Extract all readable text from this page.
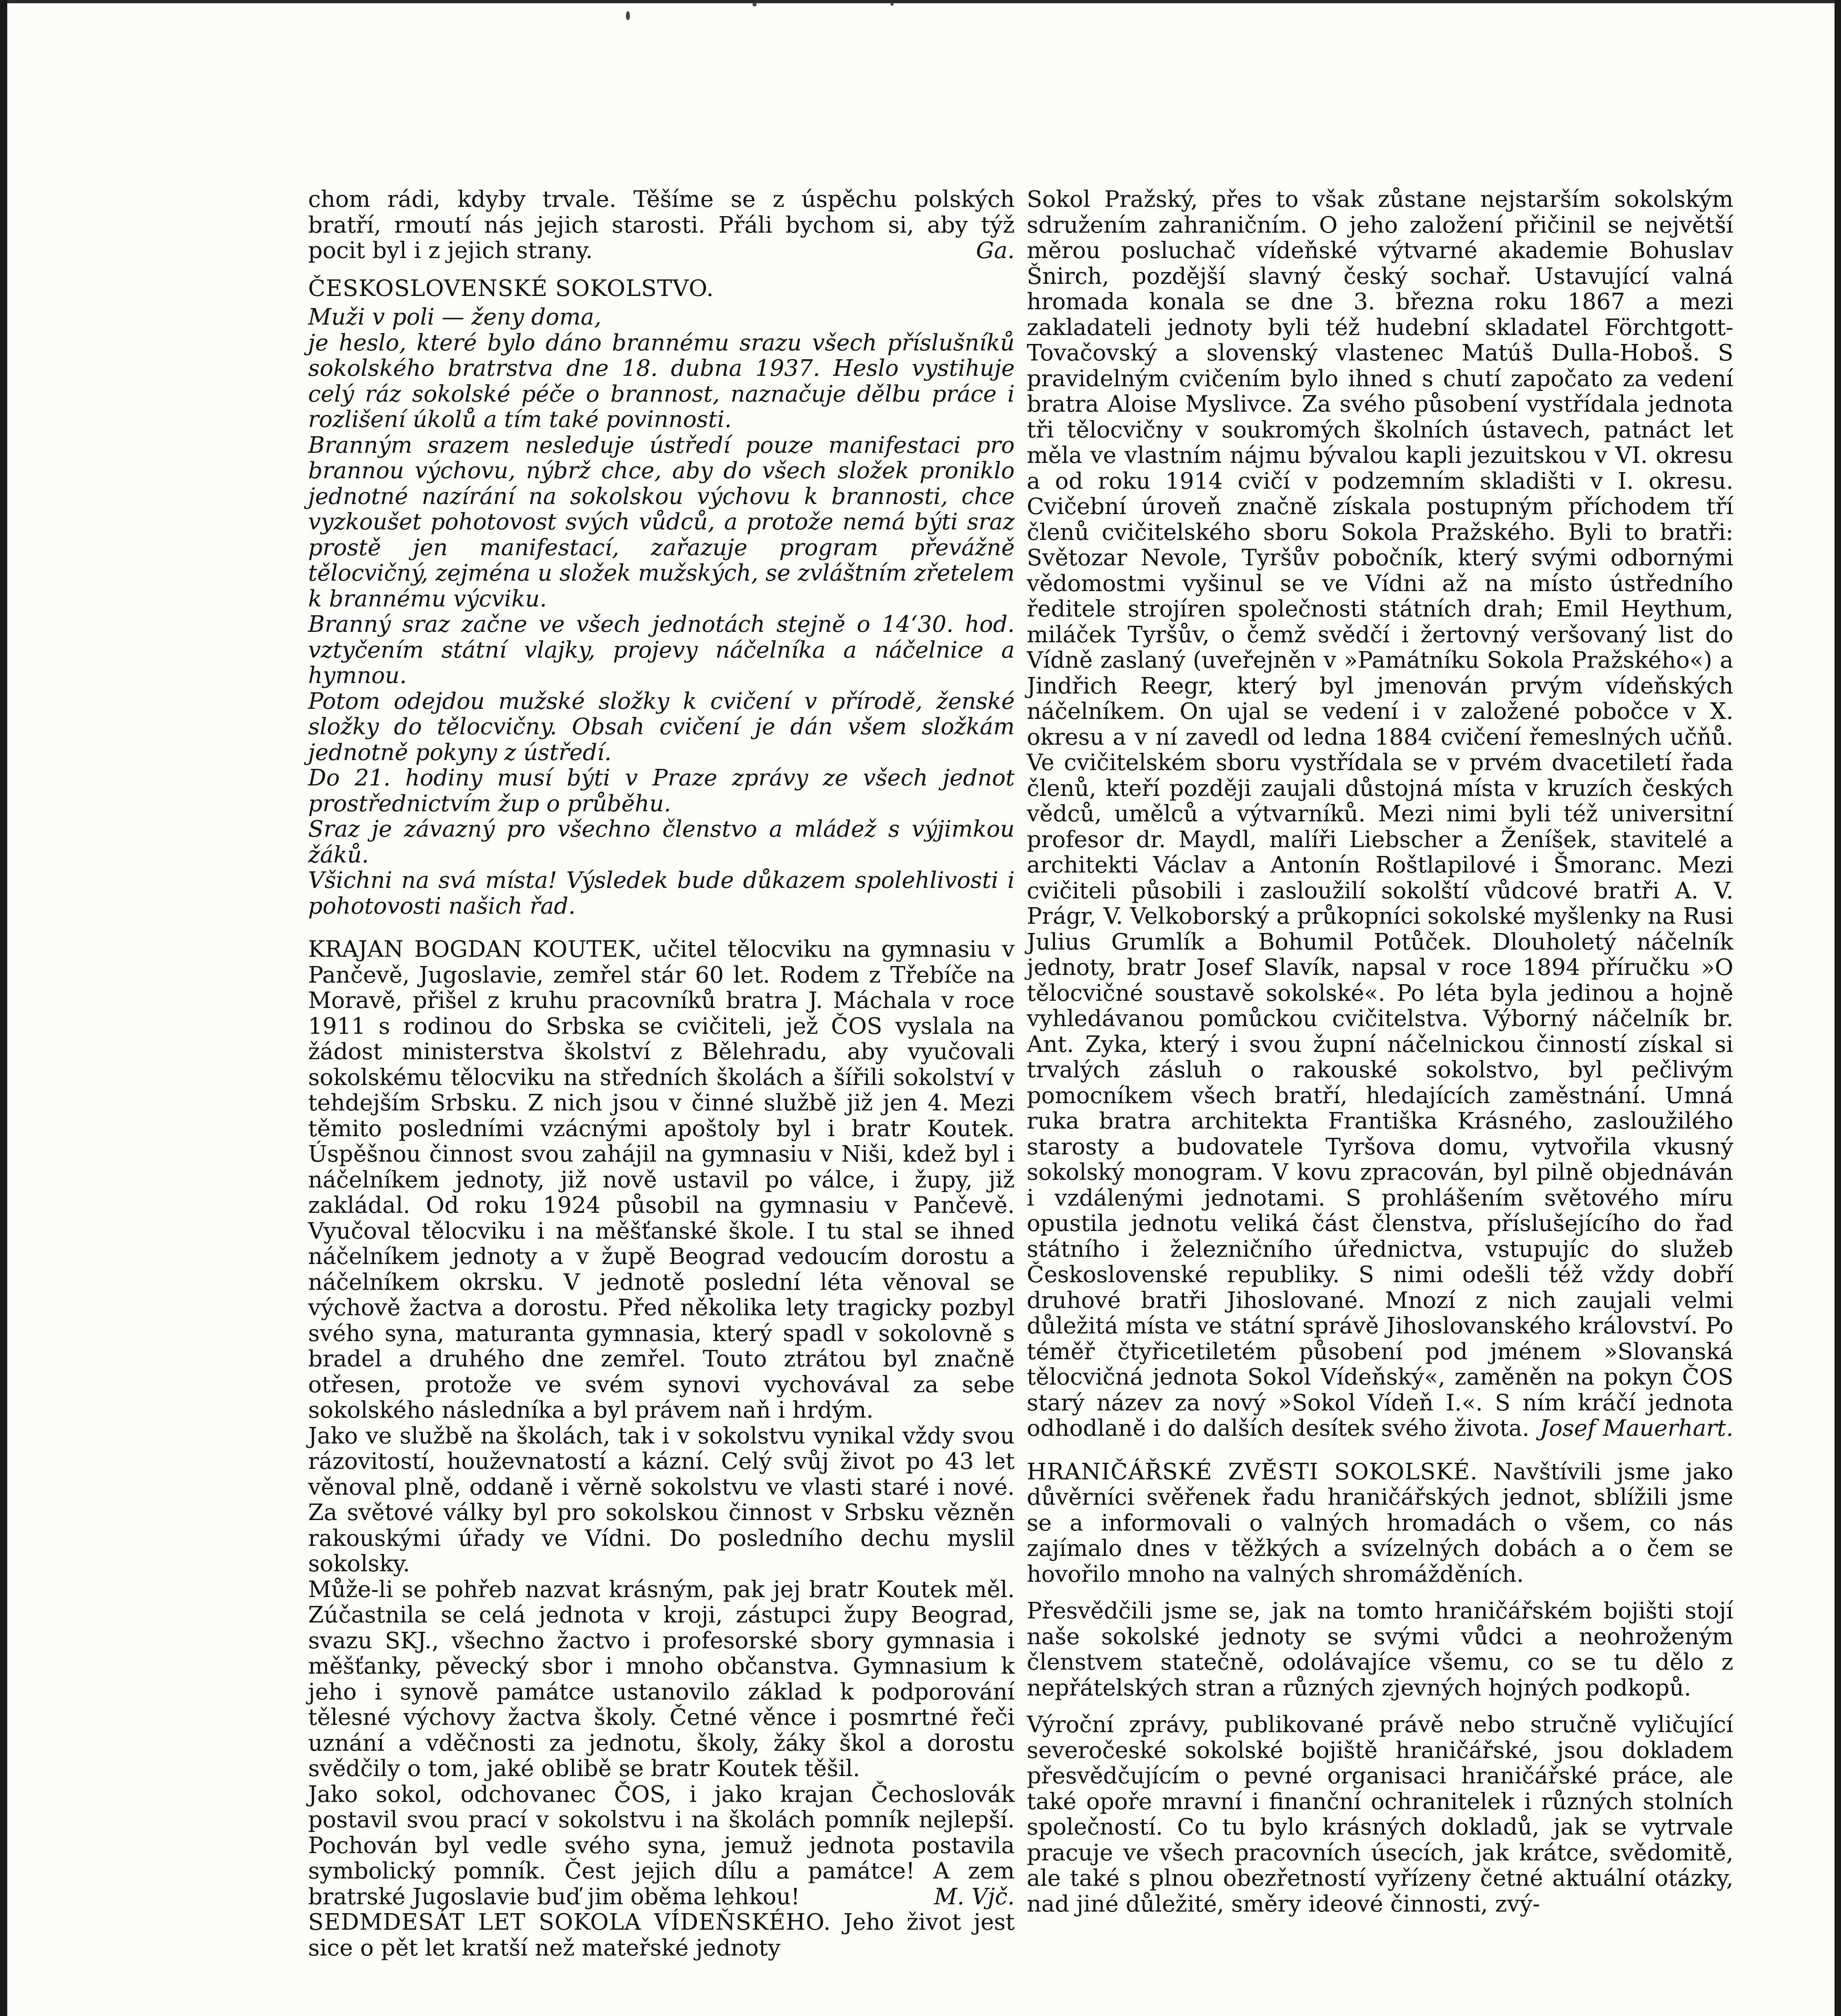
chom rádi, kdyby trvale. Těšíme se z úspěchu polských bratří, rmoutí nás jejich starosti. Přáli bychom si, aby týž pocit byl i z jejich strany.	Ga.

ČESKOSLOVENSKÉ SOKOLSTVO.

Muži v poli — ženy doma,

je heslo, které bylo dáno brannému srazu všech příslušníků sokolského bratrstva dne 18. dubna 1937. Heslo vystihuje celý ráz sokolské péče o brannost, naznačuje dělbu práce i rozlišení úkolů a tím také povinnosti.

Branným srazem nesleduje ústředí pouze manifestaci pro brannou výchovu, nýbrž chce, aby do všech složek proniklo jednotné nazírání na sokolskou výchovu k brannosti, chce vyzkoušet pohotovost svých vůdců, a protože nemá býti sraz prostě jen manifestací, zařazuje program převážně tělocvičný, zejména u složek mužských, se zvláštním zřetelem k brannému výcviku.

Branný sraz začne ve všech jednotách stejně o 14‘30. hod. vztyčením státní vlajky, projevy náčelníka a náčelnice a hymnou.

Potom odejdou mužské složky k cvičení v přírodě, ženské složky do tělocvičny. Obsah cvičení je dán všem složkám jednotně pokyny z ústředí.

Do 21. hodiny musí býti v Praze zprávy ze všech jednot prostřednictvím žup o průběhu.

Sraz je závazný pro všechno členstvo a mládež s výjimkou žáků.

Všichni na svá místa! Výsledek bude důkazem spolehlivosti i pohotovosti našich řad.

KRAJAN BOGDAN KOUTEK, učitel tělocviku na gymnasiu v Pančevě, Jugoslavie, zemřel stár 60 let. Rodem z Třebíče na Moravě, přišel z kruhu pracovníků bratra J. Máchala v roce 1911 s rodinou do Srbska se cvičiteli, jež ČOS vyslala na žádost ministerstva školství z Bělehradu, aby vyučovali sokolskému tělocviku na středních školách a šířili sokolství v tehdejším Srbsku. Z nich jsou v činné službě již jen 4. Mezi těmito posledními vzácnými apoštoly byl i bratr Koutek. Úspěšnou činnost svou zahájil na gymnasiu v Niši, kdež byl i náčelníkem jednoty, již nově ustavil po válce, i župy, již zakládal. Od roku 1924 působil na gymnasiu v Pančevě. Vyučoval tělocviku i na měšťanské škole. I tu stal se ihned náčelníkem jednoty a v župě Beograd vedoucím dorostu a náčelníkem okrsku. V jednotě poslední léta věnoval se výchově žactva a dorostu. Před několika lety tragicky pozbyl svého syna, maturanta gymnasia, který spadl v sokolovně s bradel a druhého dne zemřel. Touto ztrátou byl značně otřesen, protože ve svém synovi vychovával za sebe sokolského následníka a byl právem naň i hrdým.

Jako ve službě na školách, tak i v sokolstvu vynikal vždy svou rázovitostí, houževnatostí a kázní. Celý svůj život po 43 let věnoval plně, oddaně i věrně sokolstvu ve vlasti staré i nové. Za světové války byl pro sokolskou činnost v Srbsku vězněn rakouskými úřady ve Vídni. Do posledního dechu myslil sokolsky.

Může-li se pohřeb nazvat krásným, pak jej bratr Koutek měl. Zúčastnila se celá jednota v kroji, zástupci župy Beograd, svazu SKJ., všechno žactvo i profesorské sbory gymnasia i měšťanky, pěvecký sbor i mnoho občanstva. Gymnasium k jeho i synově památce ustanovilo základ k podporování tělesné výchovy žactva školy. Četné věnce i posmrtné řeči uznání a vděčnosti za jednotu, školy, žáky škol a dorostu svědčily o tom, jaké oblibě se bratr Koutek těšil.

Jako sokol, odchovanec ČOS, i jako krajan Čechoslovák postavil svou prací v sokolstvu i na školách pomník nejlepší. Pochován byl vedle svého syna, jemuž jednota postavila symbolický pomník. Čest jejich dílu a památce! A zem bratrské Jugoslavie buď jim oběma lehkou!	M. Vjč.

SEDMDESÁT LET SOKOLA VÍDEŇSKÉHO. Jeho život jest sice o pět let kratší než mateřské jednoty

Sokol Pražský, přes to však zůstane nejstarším sokolským sdružením zahraničním. O jeho založení přičinil se největší měrou posluchač vídeňské výtvarné akademie Bohuslav Šnirch, pozdější slavný český sochař. Ustavující valná hromada konala se dne 3. března roku 1867 a mezi zakladateli jednoty byli též hudební skladatel Förchtgott-Tovačovský a slovenský vlastenec Matúš Dulla-Hoboš. S pravidelným cvičením bylo ihned s chutí započato za vedení bratra Aloise Myslivce. Za svého působení vystřídala jednota tři tělocvičny v soukromých školních ústavech, patnáct let měla ve vlastním nájmu bývalou kapli jezuitskou v VI. okresu a od roku 1914 cvičí v podzemním skladišti v I. okresu. Cvičební úroveň značně získala postupným příchodem tří členů cvičitelského sboru Sokola Pražského. Byli to bratři: Světozar Nevole, Tyršův pobočník, který svými odbornými vědomostmi vyšinul se ve Vídni až na místo ústředního ředitele strojíren společnosti státních drah; Emil Heythum, miláček Tyršův, o čemž svědčí i žertovný veršovaný list do Vídně zaslaný (uveřejněn v »Památníku Sokola Pražského«) a Jindřich Reegr, který byl jmenován prvým vídeňských náčelníkem. On ujal se vedení i v založené pobočce v X. okresu a v ní zavedl od ledna 1884 cvičení řemeslných učňů. Ve cvičitelském sboru vystřídala se v prvém dvacetiletí řada členů, kteří později zaujali důstojná místa v kruzích českých vědců, umělců a výtvarníků. Mezi nimi byli též universitní profesor dr. Maydl, malíři Liebscher a Ženíšek, stavitelé a architekti Václav a Antonín Roštlapilové i Šmoranc. Mezi cvičiteli působili i zasloužilí sokolští vůdcové bratři A. V. Prágr, V. Velkoborský a průkopníci sokolské myšlenky na Rusi Julius Grumlík a Bohumil Potůček. Dlouholetý náčelník jednoty, bratr Josef Slavík, napsal v roce 1894 příručku »O tělocvičné soustavě sokolské«. Po léta byla jedinou a hojně vyhledávanou pomůckou cvičitelstva. Výborný náčelník br. Ant. Zyka, který i svou župní náčelnickou činností získal si trvalých zásluh o rakouské sokolstvo, byl pečlivým pomocníkem všech bratří, hledajících zaměstnání. Umná ruka bratra architekta Františka Krásného, zasloužilého starosty a budovatele Tyršova domu, vytvořila vkusný sokolský monogram. V kovu zpracován, byl pilně objednáván i vzdálenými jednotami. S prohlášením světového míru opustila jednotu veliká část členstva, příslušejícího do řad státního i železničního úřednictva, vstupujíc do služeb Československé republiky. S nimi odešli též vždy dobří druhové bratři Jihoslované. Mnozí z nich zaujali velmi důležitá místa ve státní správě Jihoslovanského království. Po téměř čtyřicetiletém působení pod jménem »Slovanská tělocvičná jednota Sokol Vídeňský«, zaměněn na pokyn ČOS starý název za nový »Sokol Vídeň I.«. S ním kráčí jednota odhodlaně i do dalších desítek svého života. Josef Mauerhart.

HRANIČÁŘSKÉ ZVĚSTI SOKOLSKÉ. Navštívili jsme jako důvěrníci svěřenek řadu hraničářských jednot, sblížili jsme se a informovali o valných hromadách o všem, co nás zajímalo dnes v těžkých a svízelných dobách a o čem se hovořilo mnoho na valných shromážděních.

Přesvědčili jsme se, jak na tomto hraničářském bojišti stojí naše sokolské jednoty se svými vůdci a neohroženým členstvem statečně, odolávajíce všemu, co se tu dělo z nepřátelských stran a různých zjevných hojných podkopů.

Výroční zprávy, publikované právě nebo stručně vyličující severočeské sokolské bojiště hraničářské, jsou dokladem přesvědčujícím o pevné organisaci hraničářské práce, ale také opoře mravní i finanční ochranitelek i různých stolních společností. Co tu bylo krásných dokladů, jak se vytrvale pracuje ve všech pracovních úsecích, jak krátce, svědomitě, ale také s plnou obezřetností vyřízeny četné aktuální otázky, nad jiné důležité, směry ideové činnosti, zvý-
